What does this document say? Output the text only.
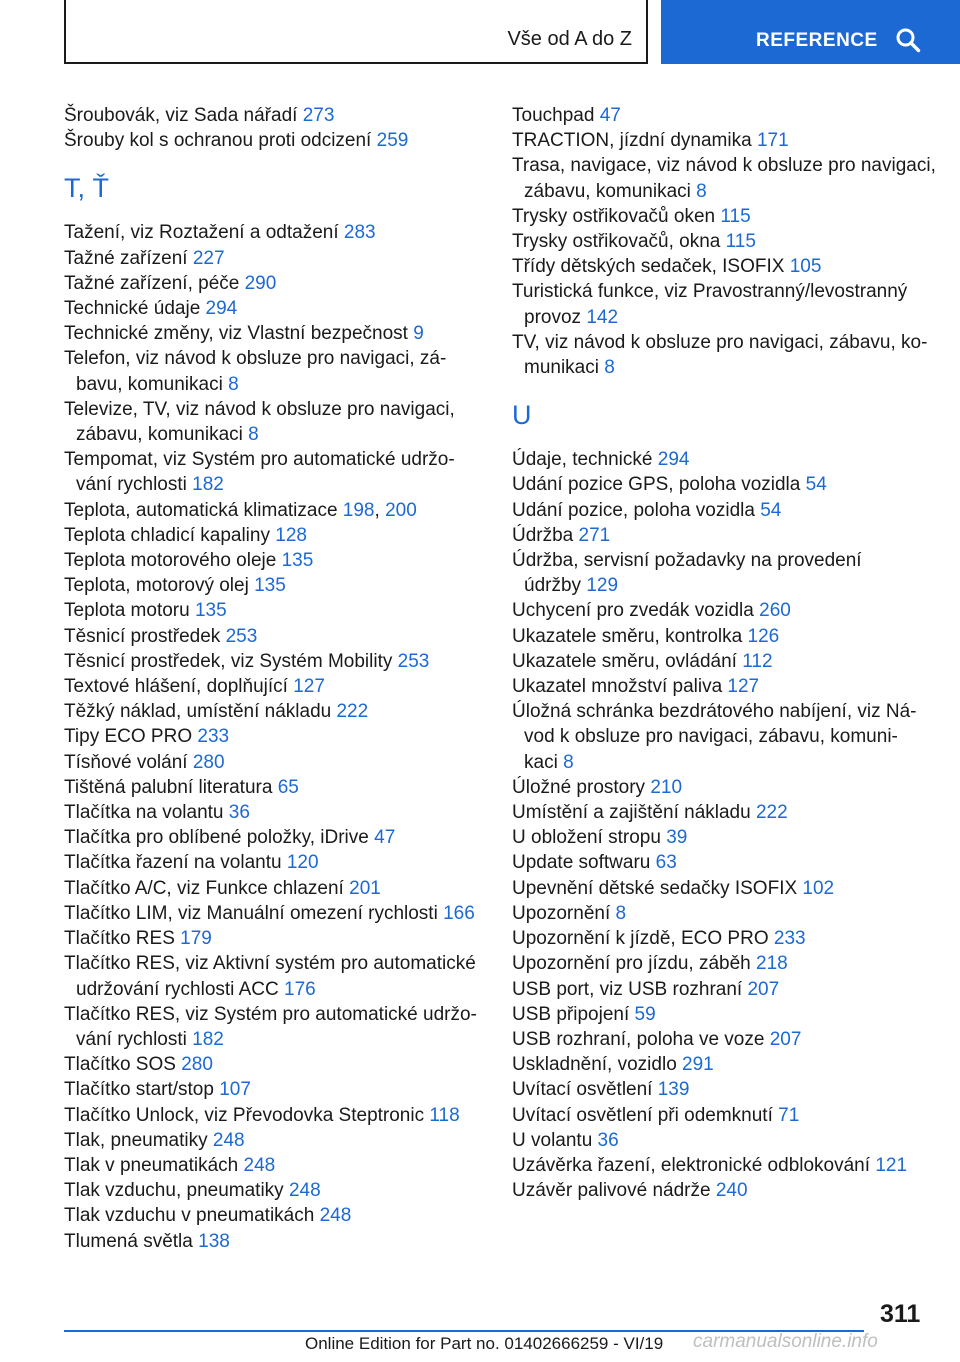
Vše od A do Z	REFERENCE
Šroubovák, viz Sada nářadí 273
Šrouby kol s ochranou proti odcizení 259
T, Ť
Tažení, viz Roztažení a odtažení 283
Tažné zařízení 227
Tažné zařízení, péče 290
Technické údaje 294
Technické změny, viz Vlastní bezpečnost 9
Telefon, viz návod k obsluze pro navigaci, zá-
bavu, komunikaci 8
Televize, TV, viz návod k obsluze pro navigaci,
zábavu, komunikaci 8
Tempomat, viz Systém pro automatické udržo-
vání rychlosti 182
Teplota, automatická klimatizace 198, 200
Teplota chladicí kapaliny 128
Teplota motorového oleje 135
Teplota, motorový olej 135
Teplota motoru 135
Těsnicí prostředek 253
Těsnicí prostředek, viz Systém Mobility 253
Textové hlášení, doplňující 127
Těžký náklad, umístění nákladu 222
Tipy ECO PRO 233
Tísňové volání 280
Tištěná palubní literatura 65
Tlačítka na volantu 36
Tlačítka pro oblíbené položky, iDrive 47
Tlačítka řazení na volantu 120
Tlačítko A/C, viz Funkce chlazení 201
Tlačítko LIM, viz Manuální omezení rychlosti 166
Tlačítko RES 179
Tlačítko RES, viz Aktivní systém pro automatické
udržování rychlosti ACC 176
Tlačítko RES, viz Systém pro automatické udržo-
vání rychlosti 182
Tlačítko SOS 280
Tlačítko start/stop 107
Tlačítko Unlock, viz Převodovka Steptronic 118
Tlak, pneumatiky 248
Tlak v pneumatikách 248
Tlak vzduchu, pneumatiky 248
Tlak vzduchu v pneumatikách 248
Tlumená světla 138
Touchpad 47
TRACTION, jízdní dynamika 171
Trasa, navigace, viz návod k obsluze pro navigaci,
zábavu, komunikaci 8
Trysky ostřikovačů oken 115
Trysky ostřikovačů, okna 115
Třídy dětských sedaček, ISOFIX 105
Turistická funkce, viz Pravostranný/levostranný
provoz 142
TV, viz návod k obsluze pro navigaci, zábavu, ko-
munikaci 8
U
Údaje, technické 294
Udání pozice GPS, poloha vozidla 54
Udání pozice, poloha vozidla 54
Údržba 271
Údržba, servisní požadavky na provedení
údržby 129
Uchycení pro zvedák vozidla 260
Ukazatele směru, kontrolka 126
Ukazatele směru, ovládání 112
Ukazatel množství paliva 127
Úložná schránka bezdrátového nabíjení, viz Ná-
vod k obsluze pro navigaci, zábavu, komuni-
kaci 8
Úložné prostory 210
Umístění a zajištění nákladu 222
U obložení stropu 39
Update softwaru 63
Upevnění dětské sedačky ISOFIX 102
Upozornění 8
Upozornění k jízdě, ECO PRO 233
Upozornění pro jízdu, záběh 218
USB port, viz USB rozhraní 207
USB připojení 59
USB rozhraní, poloha ve voze 207
Uskladnění, vozidlo 291
Uvítací osvětlení 139
Uvítací osvětlení při odemknutí 71
U volantu 36
Uzávěrka řazení, elektronické odblokování 121
Uzávěr palivové nádrže 240
311
Online Edition for Part no. 01402666259 - VI/19 carmanualsonline.info
